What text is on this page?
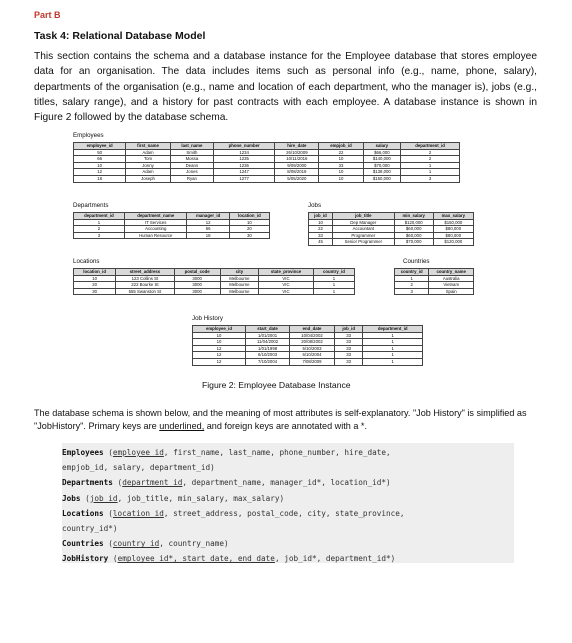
Part B
Task 4: Relational Database Model
This section contains the schema and a database instance for the Employee database that stores employee data for an organisation. The data includes items such as personal info (e.g., name, phone, salary), departments of the organisation (e.g., name and location of each department, who the manager is), jobs (e.g., titles, salary range), and a history for past contracts with each employee. A database instance is shown in Figure 2 followed by the database schema.
Employees
employee_id	first_name	last_name	phone_number	hire_date	empjob_id	salary	department_id
50	Adam	Smith	1234	26/10/2009	22	$66,000	2
66	Tom	Mossa	1235	10/11/2016	10	$140,000	2
10	Jonny	Deans	1236	9/09/2000	33	$70,000	1
12	Adam	Jones	1247	8/08/2019	10	$138,000	1
18	Joseph	Ryan	1277	5/05/2020	10	$150,000	3
Departments
department_id	department_name	manager_id	location_id
1	IT Services	12	10
2	Accounting	66	20
3	Human Resource	18	30
Jobs
job_id	job_title	min_salary	max_salary
10	Dep Manager	$120,000	$150,000
22	Accountant	$60,000	$80,000
33	Programmer	$60,000	$80,000
45	Senior Programmer	$70,000	$120,000
Locations
location_id	street_address	postal_code	city	state_province	country_id
10	123 Collins St	3000	Melbourne	VIC	1
20	222 Bourke St	3000	Melbourne	VIC	1
30	555 Swanston St	3000	Melbourne	VIC	1
Countries
country_id	country_name
1	Australia
2	Vietnam
3	Spain
Job History
employee_id	start_date	end_date	job_id	department_id
10	1/01/2001	10/04/2002	33	1
10	11/04/2002	20/08/2002	33	1
12	1/01/1998	5/10/2003	33	1
12	6/10/2003	6/10/2004	33	1
12	7/10/2004	7/08/2009	33	1
Figure 2: Employee Database Instance
The database schema is shown below, and the meaning of most attributes is self-explanatory. "Job History" is simplified as "JobHistory". Primary keys are underlined, and foreign keys are annotated with a *.
Employees (employee_id, first_name, last_name, phone_number, hire_date,
empjob_id, salary, department_id)
Departments (department_id, department_name, manager_id*, location_id*)
Jobs (job_id, job_title, min_salary, max_salary)
Locations (location_id, street_address, postal_code, city, state_province,
country_id*)
Countries (country_id, country_name)
JobHistory (employee_id*, start_date, end_date, job_id*, department_id*)
